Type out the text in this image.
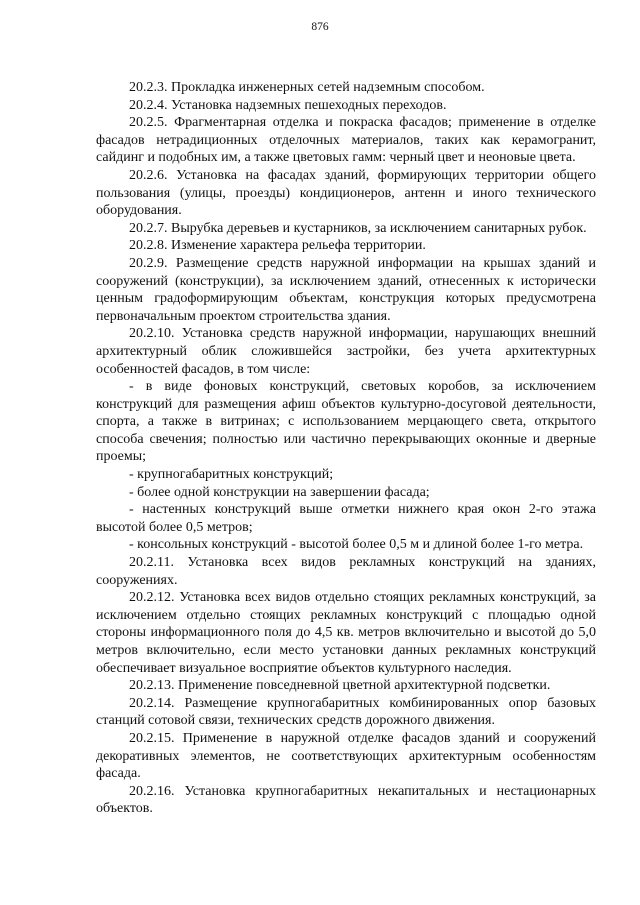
876

20.2.3. Прокладка инженерных сетей надземным способом.

20.2.4. Установка надземных пешеходных переходов.

20.2.5. Фрагментарная отделка и покраска фасадов; применение в отделке фасадов нетрадиционных отделочных материалов, таких как керамогранит, сайдинг и подобных им, а также цветовых гамм: черный цвет и неоновые цвета.

20.2.6. Установка на фасадах зданий, формирующих территории общего пользования (улицы, проезды) кондиционеров, антенн и иного технического оборудования.

20.2.7. Вырубка деревьев и кустарников, за исключением санитарных рубок.

20.2.8. Изменение характера рельефа территории.

20.2.9. Размещение средств наружной информации на крышах зданий и сооружений (конструкции), за исключением зданий, отнесенных к исторически ценным градоформирующим объектам, конструкция которых предусмотрена первоначальным проектом строительства здания.

20.2.10. Установка средств наружной информации, нарушающих внешний архитектурный облик сложившейся застройки, без учета архитектурных особенностей фасадов, в том числе:

- в виде фоновых конструкций, световых коробов, за исключением конструкций для размещения афиш объектов культурно-досуговой деятельности, спорта, а также в витринах; с использованием мерцающего света, открытого способа свечения; полностью или частично перекрывающих оконные и дверные проемы;

- крупногабаритных конструкций;

- более одной конструкции на завершении фасада;

- настенных конструкций выше отметки нижнего края окон 2-го этажа высотой более 0,5 метров;

- консольных конструкций - высотой более 0,5 м и длиной более 1-го метра.

20.2.11. Установка всех видов рекламных конструкций на зданиях, сооружениях.

20.2.12. Установка всех видов отдельно стоящих рекламных конструкций, за исключением отдельно стоящих рекламных конструкций с площадью одной стороны информационного поля до 4,5 кв. метров включительно и высотой до 5,0 метров включительно, если место установки данных рекламных конструкций обеспечивает визуальное восприятие объектов культурного наследия.

20.2.13. Применение повседневной цветной архитектурной подсветки.

20.2.14. Размещение крупногабаритных комбинированных опор базовых станций сотовой связи, технических средств дорожного движения.

20.2.15. Применение в наружной отделке фасадов зданий и сооружений декоративных элементов, не соответствующих архитектурным особенностям фасада.

20.2.16. Установка крупногабаритных некапитальных и нестационарных объектов.
